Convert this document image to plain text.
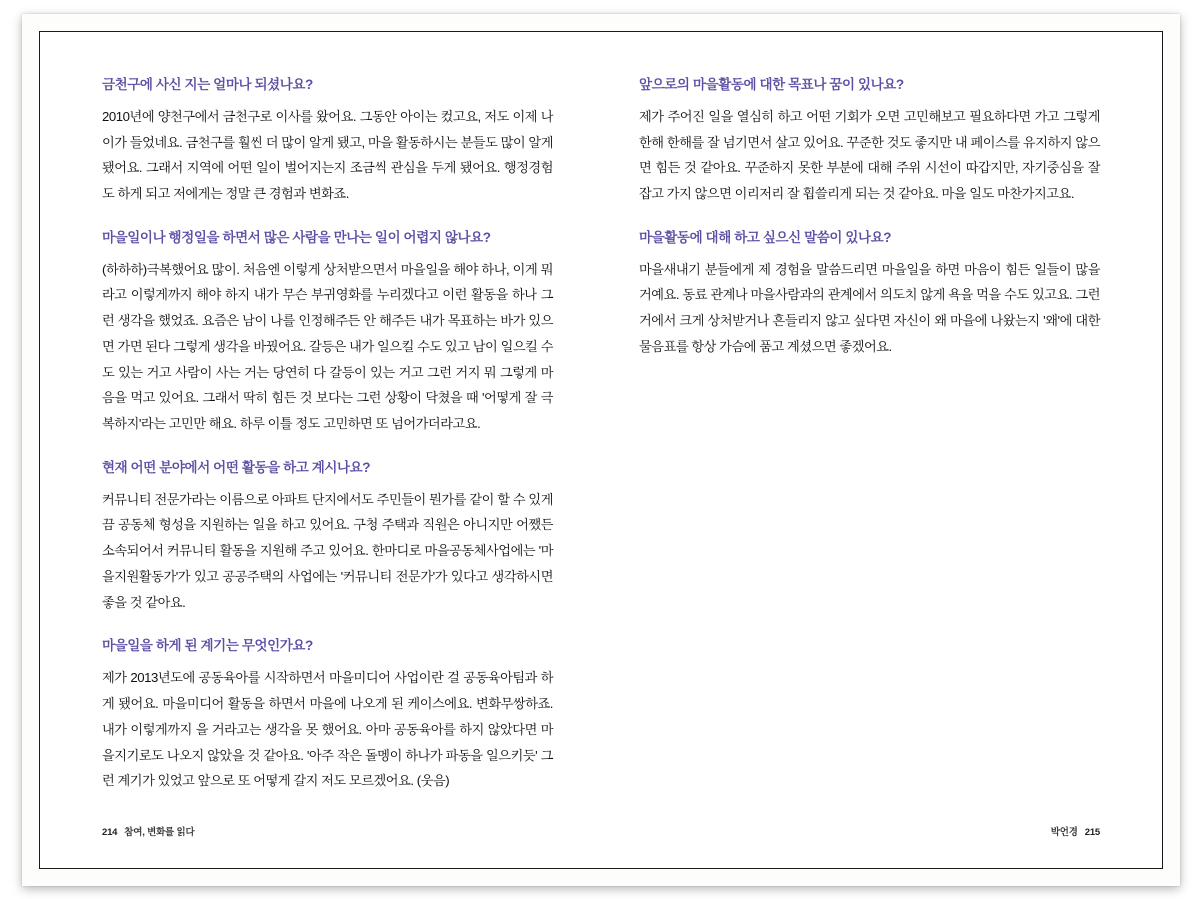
금천구에 사신 지는 얼마나 되셨나요?

2010년에 양천구에서 금천구로 이사를 왔어요. 그동안 아이는 컸고요, 저도 이제 나이가 들었네요. 금천구를 훨씬 더 많이 알게 됐고, 마을 활동하시는 분들도 많이 알게 됐어요. 그래서 지역에 어떤 일이 벌어지는지 조금씩 관심을 두게 됐어요. 행정경험도 하게 되고 저에게는 정말 큰 경험과 변화죠.

마을일이나 행정일을 하면서 많은 사람을 만나는 일이 어렵지 않나요?

(하하하)극복했어요 많이. 처음엔 이렇게 상처받으면서 마을일을 해야 하나, 이게 뭐라고 이렇게까지 해야 하지 내가 무슨 부귀영화를 누리겠다고 이런 활동을 하나 그런 생각을 했었죠. 요즘은 남이 나를 인정해주든 안 해주든 내가 목표하는 바가 있으면 가면 된다 그렇게 생각을 바꿨어요. 갈등은 내가 일으킬 수도 있고 남이 일으킬 수도 있는 거고 사람이 사는 거는 당연히 다 갈등이 있는 거고 그런 거지 뭐 그렇게 마음을 먹고 있어요. 그래서 딱히 힘든 것 보다는 그런 상황이 닥쳤을 때 '어떻게 잘 극복하지'라는 고민만 해요. 하루 이틀 정도 고민하면 또 넘어가더라고요.

현재 어떤 분야에서 어떤 활동을 하고 계시나요?

커뮤니티 전문가라는 이름으로 아파트 단지에서도 주민들이 뭔가를 같이 할 수 있게끔 공동체 형성을 지원하는 일을 하고 있어요. 구청 주택과 직원은 아니지만 어쨌든 소속되어서 커뮤니티 활동을 지원해 주고 있어요. 한마디로 마을공동체사업에는 '마을지원활동가'가 있고 공공주택의 사업에는 '커뮤니티 전문가'가 있다고 생각하시면 좋을 것 같아요.

마을일을 하게 된 계기는 무엇인가요?

제가 2013년도에 공동육아를 시작하면서 마을미디어 사업이란 걸 공동육아팀과 하게 됐어요. 마을미디어 활동을 하면서 마을에 나오게 된 케이스에요. 변화무쌍하죠. 내가 이렇게까지 을 거라고는 생각을 못 했어요. 아마 공동육아를 하지 않았다면 마을지기로도 나오지 않았을 것 같아요. '아주 작은 돌멩이 하나가 파동을 일으키듯' 그런 계기가 있었고 앞으로 또 어떻게 갈지 저도 모르겠어요. (웃음)

214 참여, 변화를 읽다

앞으로의 마을활동에 대한 목표나 꿈이 있나요?

제가 주어진 일을 열심히 하고 어떤 기회가 오면 고민해보고 필요하다면 가고 그렇게 한해 한해를 잘 넘기면서 살고 있어요. 꾸준한 것도 좋지만 내 페이스를 유지하지 않으면 힘든 것 같아요. 꾸준하지 못한 부분에 대해 주위 시선이 따갑지만, 자기중심을 잘 잡고 가지 않으면 이리저리 잘 휩쓸리게 되는 것 같아요. 마을 일도 마찬가지고요.

마을활동에 대해 하고 싶으신 말씀이 있나요?

마을새내기 분들에게 제 경험을 말씀드리면 마을일을 하면 마음이 힘든 일들이 많을 거예요. 동료 관계나 마을사람과의 관계에서 의도치 않게 욕을 먹을 수도 있고요. 그런 거에서 크게 상처받거나 흔들리지 않고 싶다면 자신이 왜 마을에 나왔는지 '왜'에 대한 물음표를 항상 가슴에 품고 계셨으면 좋겠어요.

박언경 215
